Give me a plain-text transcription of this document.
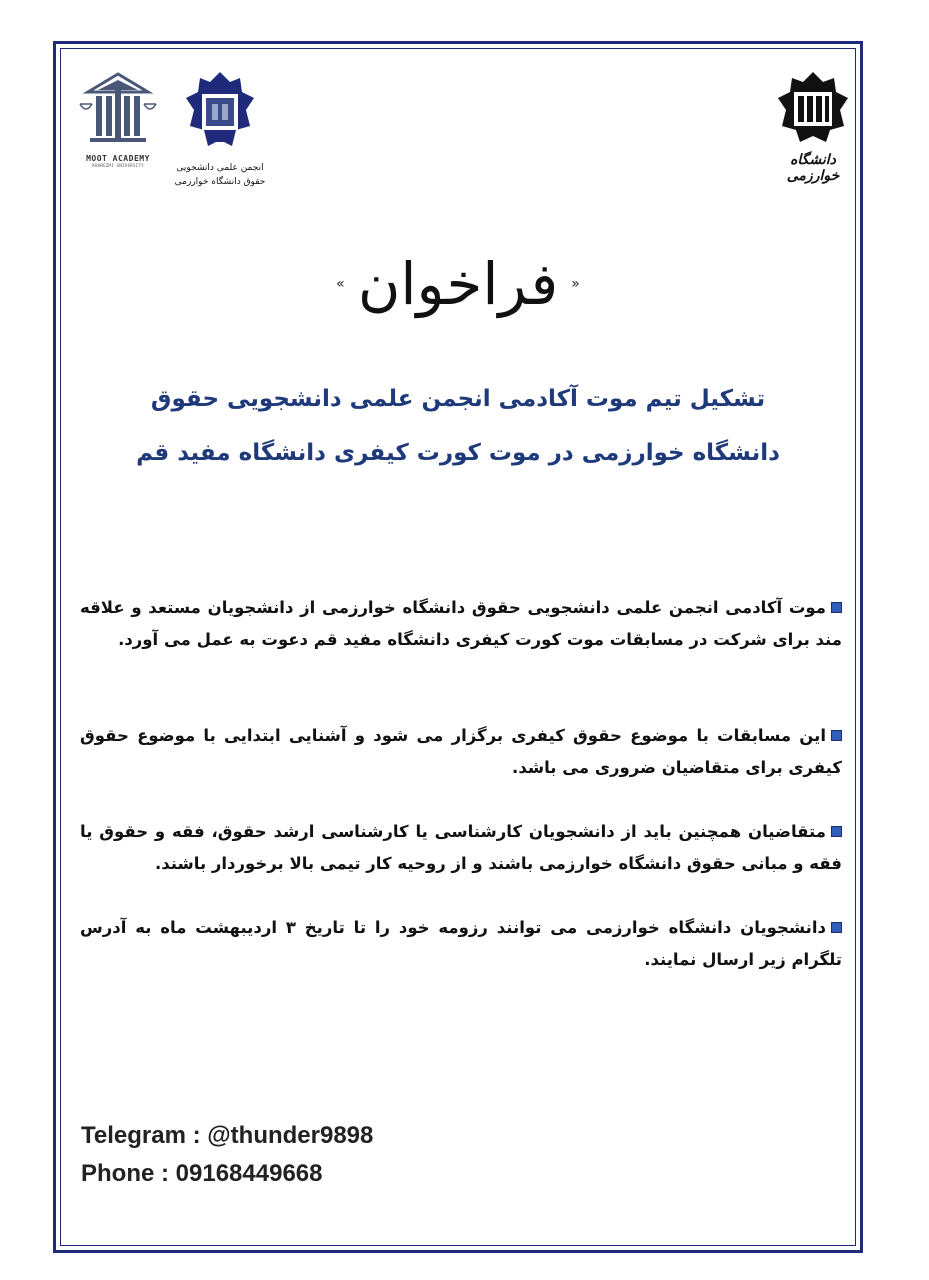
MOOT ACADEMY
KHAREZMI UNIVERSITY	انجمن علمی دانشجویی
حقوق دانشگاه خوارزمی
دانشگاه خوارزمی
« فراخوان »
تشکیل تیم موت آکادمی انجمن علمی دانشجویی حقوق
دانشگاه خوارزمی در موت کورت کیفری دانشگاه مفید قم
موت آکادمی انجمن علمی دانشجویی حقوق دانشگاه خوارزمی از دانشجویان مستعد و علاقه مند برای شرکت در مسابقات موت کورت کیفری دانشگاه مفید قم دعوت به عمل می آورد.
این مسابقات با موضوع حقوق کیفری برگزار می شود و آشنایی ابتدایی با موضوع حقوق کیفری برای متقاضیان ضروری می باشد.
متقاضیان همچنین باید از دانشجویان کارشناسی یا کارشناسی ارشد حقوق، فقه و حقوق یا فقه و مبانی حقوق دانشگاه خوارزمی باشند و از روحیه کار تیمی بالا برخوردار باشند.
دانشجویان دانشگاه خوارزمی می توانند رزومه خود را تا تاریخ ۳ اردیبهشت ماه به آدرس تلگرام زیر ارسال نمایند.
Telegram : @thunder9898
Phone : 09168449668
